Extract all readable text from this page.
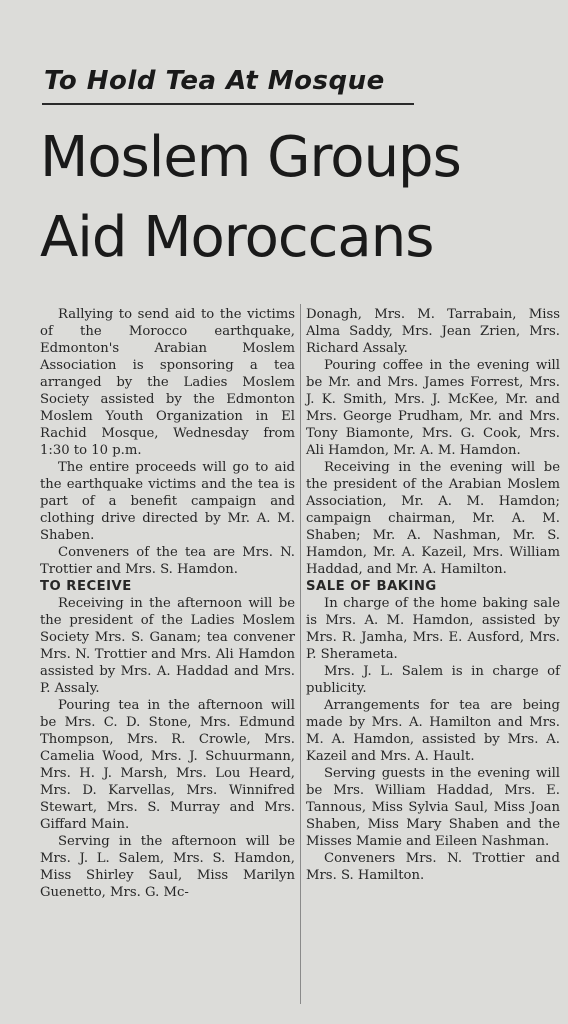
To Hold Tea At Mosque
Moslem Groups
Aid Moroccans

Rallying to send aid to the victims of the Morocco earthquake, Edmonton's Arabian Moslem Association is sponsoring a tea arranged by the Ladies Moslem Society assisted by the Edmonton Moslem Youth Organization in El Rachid Mosque, Wednesday from 1:30 to 10 p.m.

The entire proceeds will go to aid the earthquake victims and the tea is part of a benefit campaign and clothing drive directed by Mr. A. M. Shaben.

Conveners of the tea are Mrs. N. Trottier and Mrs. S. Hamdon.

TO RECEIVE

Receiving in the afternoon will be the president of the Ladies Moslem Society Mrs. S. Ganam; tea convener Mrs. N. Trottier and Mrs. Ali Hamdon assisted by Mrs. A. Haddad and Mrs. P. Assaly.

Pouring tea in the afternoon will be Mrs. C. D. Stone, Mrs. Edmund Thompson, Mrs. R. Crowle, Mrs. Camelia Wood, Mrs. J. Schuurmann, Mrs. H. J. Marsh, Mrs. Lou Heard, Mrs. D. Karvellas, Mrs. Winnifred Stewart, Mrs. S. Murray and Mrs. Giffard Main.

Serving in the afternoon will be Mrs. J. L. Salem, Mrs. S. Hamdon, Miss Shirley Saul, Miss Marilyn Guenetto, Mrs. G. Mc-

Donagh, Mrs. M. Tarrabain, Miss Alma Saddy, Mrs. Jean Zrien, Mrs. Richard Assaly.

Pouring coffee in the evening will be Mr. and Mrs. James Forrest, Mrs. J. K. Smith, Mrs. J. McKee, Mr. and Mrs. George Prudham, Mr. and Mrs. Tony Biamonte, Mrs. G. Cook, Mrs. Ali Hamdon, Mr. A. M. Hamdon.

Receiving in the evening will be the president of the Arabian Moslem Association, Mr. A. M. Hamdon; campaign chairman, Mr. A. M. Shaben; Mr. A. Nashman, Mr. S. Hamdon, Mr. A. Kazeil, Mrs. William Haddad, and Mr. A. Hamilton.

SALE OF BAKING

In charge of the home baking sale is Mrs. A. M. Hamdon, assisted by Mrs. R. Jamha, Mrs. E. Ausford, Mrs. P. Sherameta.

Mrs. J. L. Salem is in charge of publicity.

Arrangements for tea are being made by Mrs. A. Hamilton and Mrs. M. A. Hamdon, assisted by Mrs. A. Kazeil and Mrs. A. Hault.

Serving guests in the evening will be Mrs. William Haddad, Mrs. E. Tannous, Miss Sylvia Saul, Miss Joan Shaben, Miss Mary Shaben and the Misses Mamie and Eileen Nashman.

Conveners Mrs. N. Trottier and Mrs. S. Hamilton.
